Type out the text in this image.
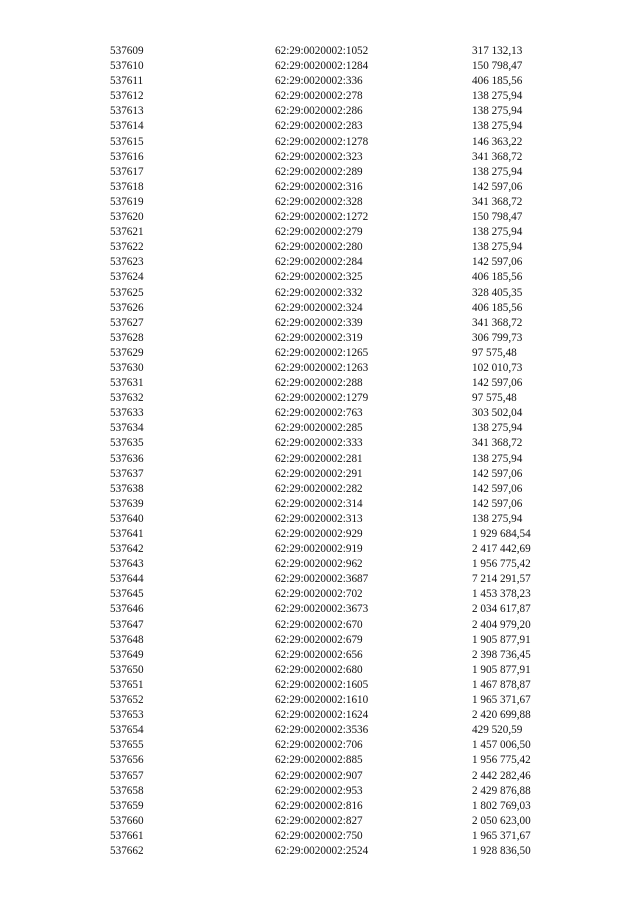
537609	62:29:0020002:1052	317 132,13
537610	62:29:0020002:1284	150 798,47
537611	62:29:0020002:336	406 185,56
537612	62:29:0020002:278	138 275,94
537613	62:29:0020002:286	138 275,94
537614	62:29:0020002:283	138 275,94
537615	62:29:0020002:1278	146 363,22
537616	62:29:0020002:323	341 368,72
537617	62:29:0020002:289	138 275,94
537618	62:29:0020002:316	142 597,06
537619	62:29:0020002:328	341 368,72
537620	62:29:0020002:1272	150 798,47
537621	62:29:0020002:279	138 275,94
537622	62:29:0020002:280	138 275,94
537623	62:29:0020002:284	142 597,06
537624	62:29:0020002:325	406 185,56
537625	62:29:0020002:332	328 405,35
537626	62:29:0020002:324	406 185,56
537627	62:29:0020002:339	341 368,72
537628	62:29:0020002:319	306 799,73
537629	62:29:0020002:1265	97 575,48
537630	62:29:0020002:1263	102 010,73
537631	62:29:0020002:288	142 597,06
537632	62:29:0020002:1279	97 575,48
537633	62:29:0020002:763	303 502,04
537634	62:29:0020002:285	138 275,94
537635	62:29:0020002:333	341 368,72
537636	62:29:0020002:281	138 275,94
537637	62:29:0020002:291	142 597,06
537638	62:29:0020002:282	142 597,06
537639	62:29:0020002:314	142 597,06
537640	62:29:0020002:313	138 275,94
537641	62:29:0020002:929	1 929 684,54
537642	62:29:0020002:919	2 417 442,69
537643	62:29:0020002:962	1 956 775,42
537644	62:29:0020002:3687	7 214 291,57
537645	62:29:0020002:702	1 453 378,23
537646	62:29:0020002:3673	2 034 617,87
537647	62:29:0020002:670	2 404 979,20
537648	62:29:0020002:679	1 905 877,91
537649	62:29:0020002:656	2 398 736,45
537650	62:29:0020002:680	1 905 877,91
537651	62:29:0020002:1605	1 467 878,87
537652	62:29:0020002:1610	1 965 371,67
537653	62:29:0020002:1624	2 420 699,88
537654	62:29:0020002:3536	429 520,59
537655	62:29:0020002:706	1 457 006,50
537656	62:29:0020002:885	1 956 775,42
537657	62:29:0020002:907	2 442 282,46
537658	62:29:0020002:953	2 429 876,88
537659	62:29:0020002:816	1 802 769,03
537660	62:29:0020002:827	2 050 623,00
537661	62:29:0020002:750	1 965 371,67
537662	62:29:0020002:2524	1 928 836,50
